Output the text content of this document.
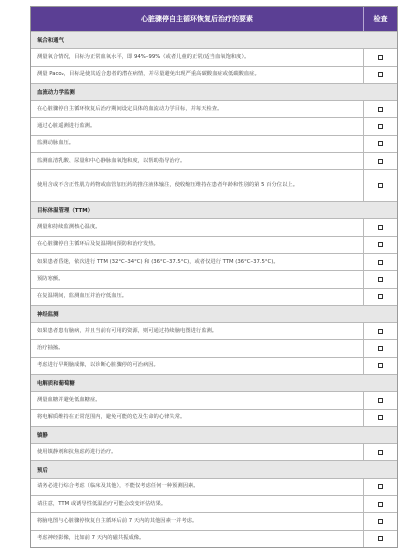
心脏骤停自主循环恢复后治疗的要素	检查
氧合和通气
测量氧合情况，目标为正常血氧水平，即 94%–99%（或者儿童的正常/适当血氧饱和度）。
测量 Paco₂，目标是使其适合患者的潜在病情，并尽量避免出现严重高碳酸血症或低碳酸血症。
血流动力学监测
在心脏骤停自主循环恢复后治疗期间设定具体的血流动力学目标，并每天检查。
通过心脏遥测进行监测。
监测动脉血压。
监测血清乳酸、尿量和中心静脉血氧饱和度，以帮助指导治疗。
使用含或不含正性肌力药物或血管加压药的推注液体输注，使收缩压维持在患者年龄和性别的第 5 百分位以上。
目标体温管理（TTM）
测量和持续监测核心温度。
在心脏骤停自主循环后及复温期间预防和治疗发热。
如果患者昏迷，依次进行 TTM (32°C–34°C) 和 (36°C–37.5°C)，或者仅进行 TTM (36°C–37.5°C)。
预防寒颤。
在复温期间，监测血压并治疗低血压。
神经监测
如果患者患有脑病，并且当前有可用的资源，则可通过持续脑电图进行监测。
治疗抽搐。
考虑进行早期脑成像，以诊断心脏骤停的可治病因。
电解质和葡萄糖
测量血糖并避免低血糖症。
将电解质维持在正常范围内，避免可能的危及生命的心律失常。
镇静
使用镇静剂和抗焦虑药进行治疗。
预后
请务必进行综合考虑（临床及其他），不能仅考虑任何一种预测因素。
请注意，TTM 或诱导性低温治疗可能会改变评估结果。
将脑电图与心脏骤停恢复自主循环后前 7 天内的其他因素一并考虑。
考虑神经影像，比如前 7 天内的磁共振成像。
